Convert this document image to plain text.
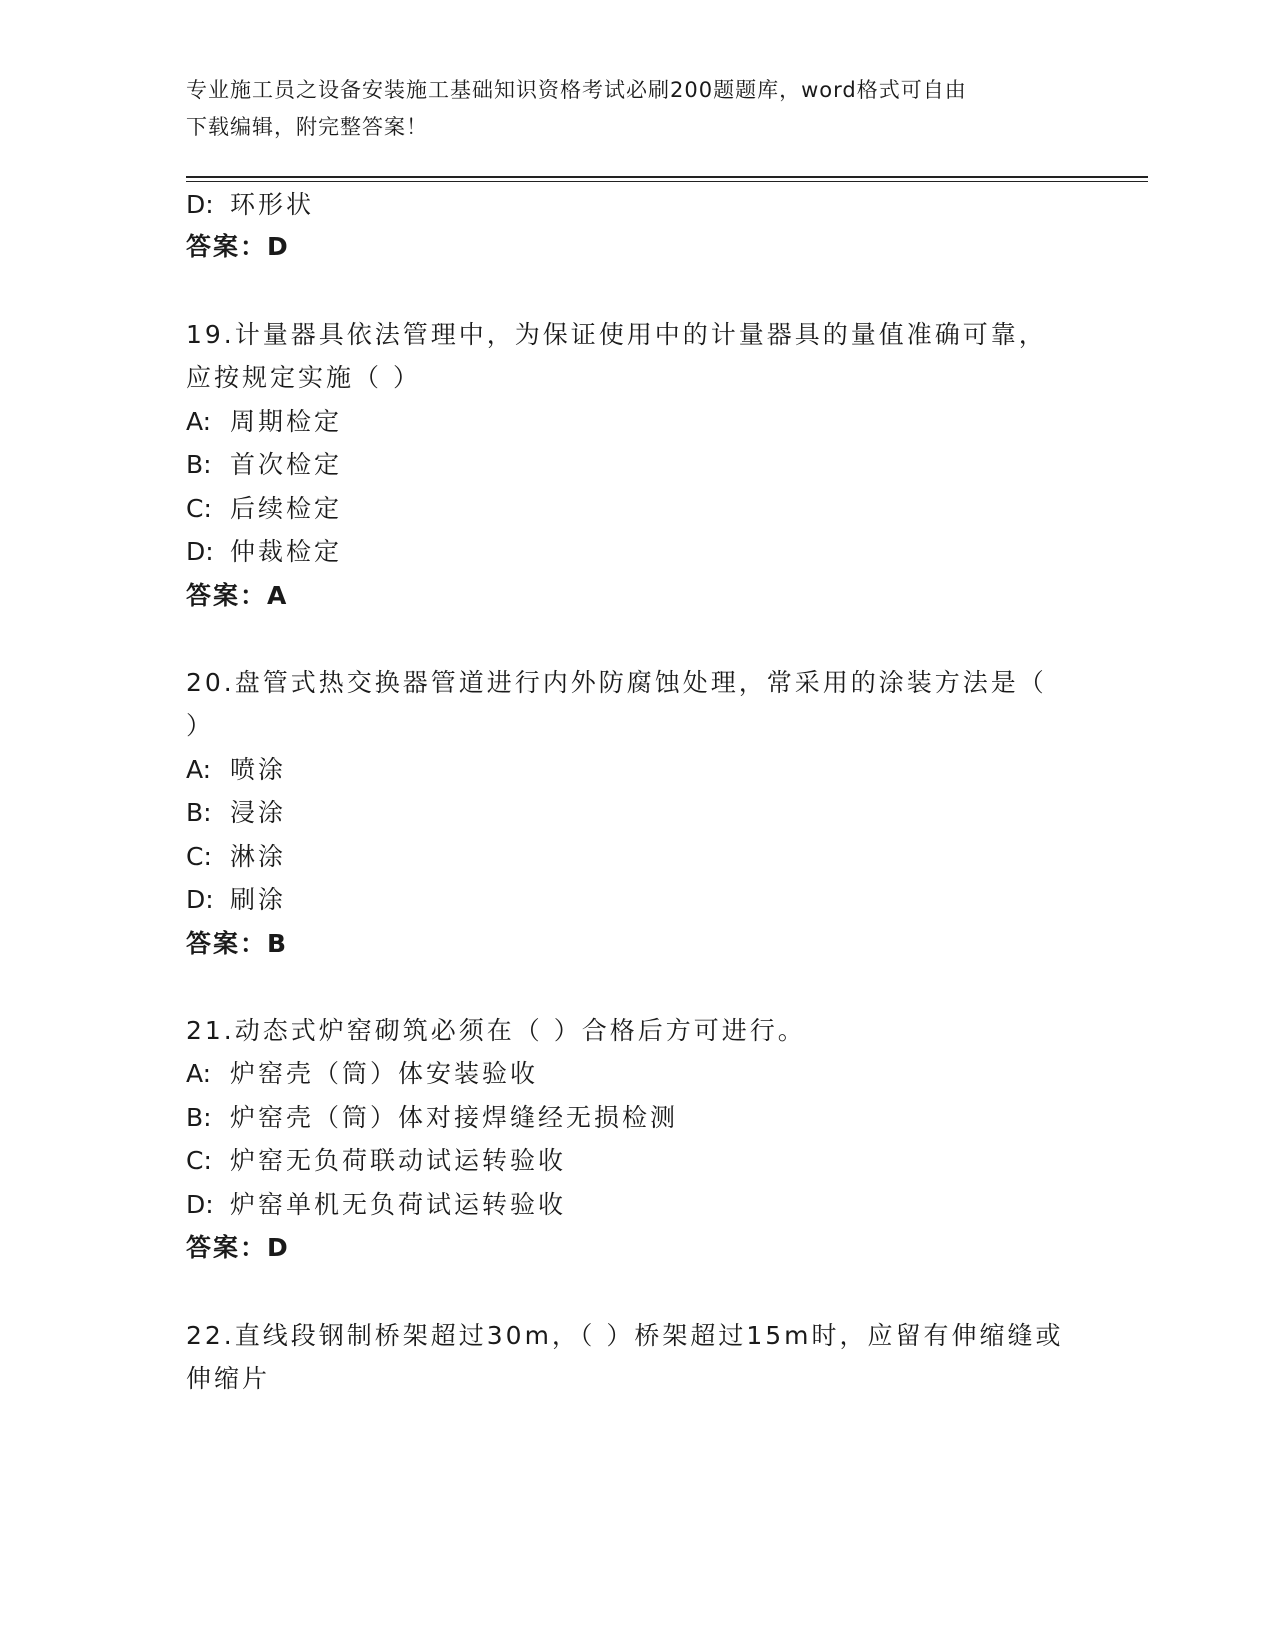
专业施工员之设备安装施工基础知识资格考试必刷200题题库，word格式可自由
下载编辑，附完整答案！
D: 环形状
答案：D
19.计量器具依法管理中，为保证使用中的计量器具的量值准确可靠，
应按规定实施（ ）
A: 周期检定
B: 首次检定
C: 后续检定
D: 仲裁检定
答案：A
20.盘管式热交换器管道进行内外防腐蚀处理，常采用的涂装方法是（
）
A: 喷涂
B: 浸涂
C: 淋涂
D: 刷涂
答案：B
21.动态式炉窑砌筑必须在（ ）合格后方可进行。
A: 炉窑壳（筒）体安装验收
B: 炉窑壳（筒）体对接焊缝经无损检测
C: 炉窑无负荷联动试运转验收
D: 炉窑单机无负荷试运转验收
答案：D
22.直线段钢制桥架超过30m，（ ）桥架超过15m时，应留有伸缩缝或
伸缩片
